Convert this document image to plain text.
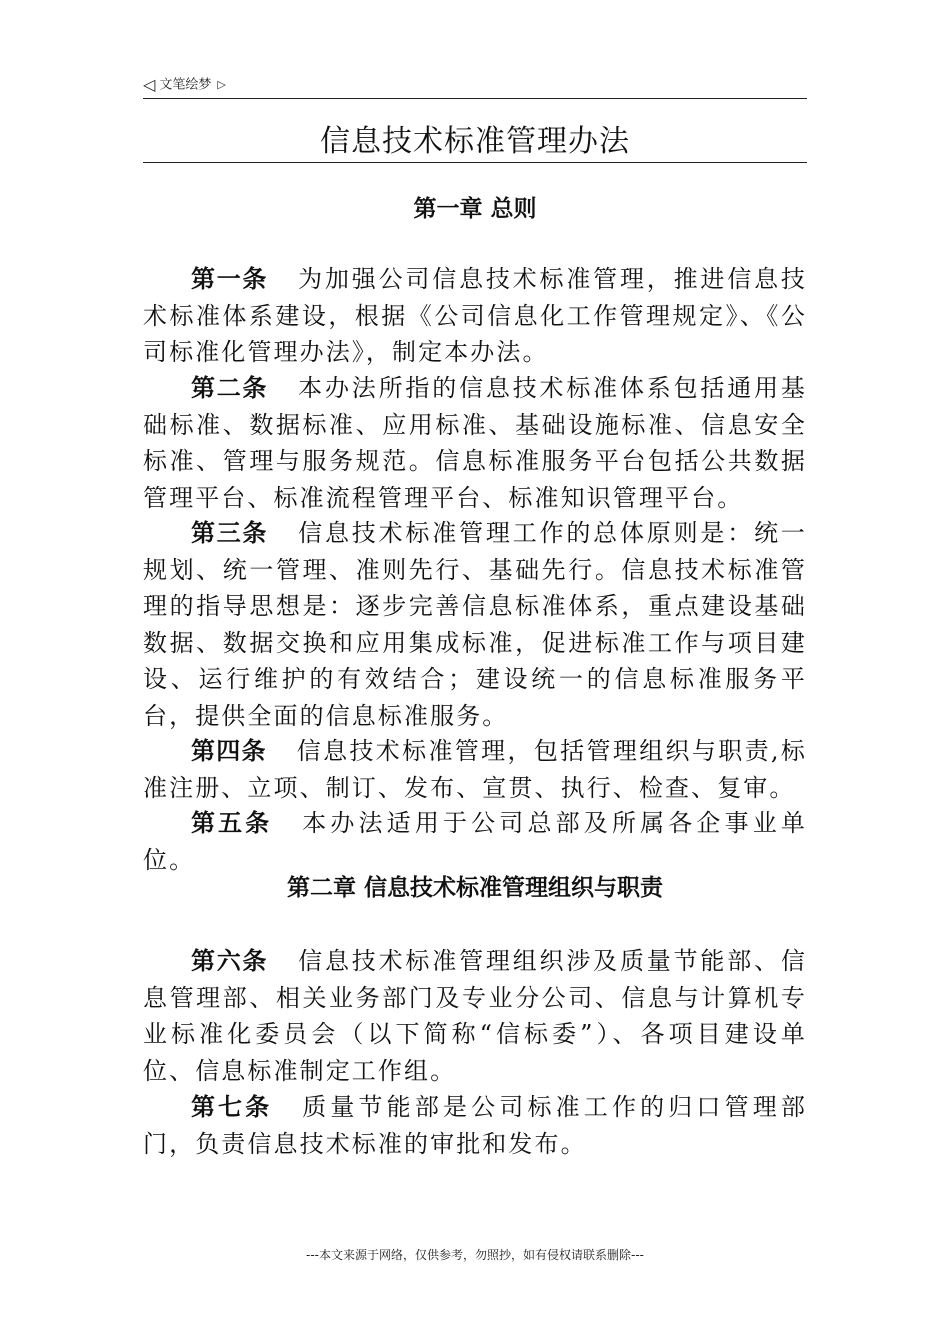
◁ 文笔绘梦 ▷
信息技术标准管理办法
第一章 总则

第一条 为加强公司信息技术标准管理，推进信息技术标准体系建设，根据《公司信息化工作管理规定》、《公司标准化管理办法》，制定本办法。

第二条 本办法所指的信息技术标准体系包括通用基础标准、数据标准、应用标准、基础设施标准、信息安全标准、管理与服务规范。信息标准服务平台包括公共数据管理平台、标准流程管理平台、标准知识管理平台。

第三条 信息技术标准管理工作的总体原则是：统一规划、统一管理、准则先行、基础先行。信息技术标准管理的指导思想是：逐步完善信息标准体系，重点建设基础数据、数据交换和应用集成标准，促进标准工作与项目建设、运行维护的有效结合；建设统一的信息标准服务平台，提供全面的信息标准服务。

第四条 信息技术标准管理，包括管理组织与职责,标准注册、立项、制订、发布、宣贯、执行、检查、复审。

第五条 本办法适用于公司总部及所属各企事业单位。

第二章 信息技术标准管理组织与职责

第六条 信息技术标准管理组织涉及质量节能部、信息管理部、相关业务部门及专业分公司、信息与计算机专业标准化委员会（以下简称“信标委”）、各项目建设单位、信息标准制定工作组。

第七条 质量节能部是公司标准工作的归口管理部门，负责信息技术标准的审批和发布。

---本文来源于网络，仅供参考，勿照抄，如有侵权请联系删除---
